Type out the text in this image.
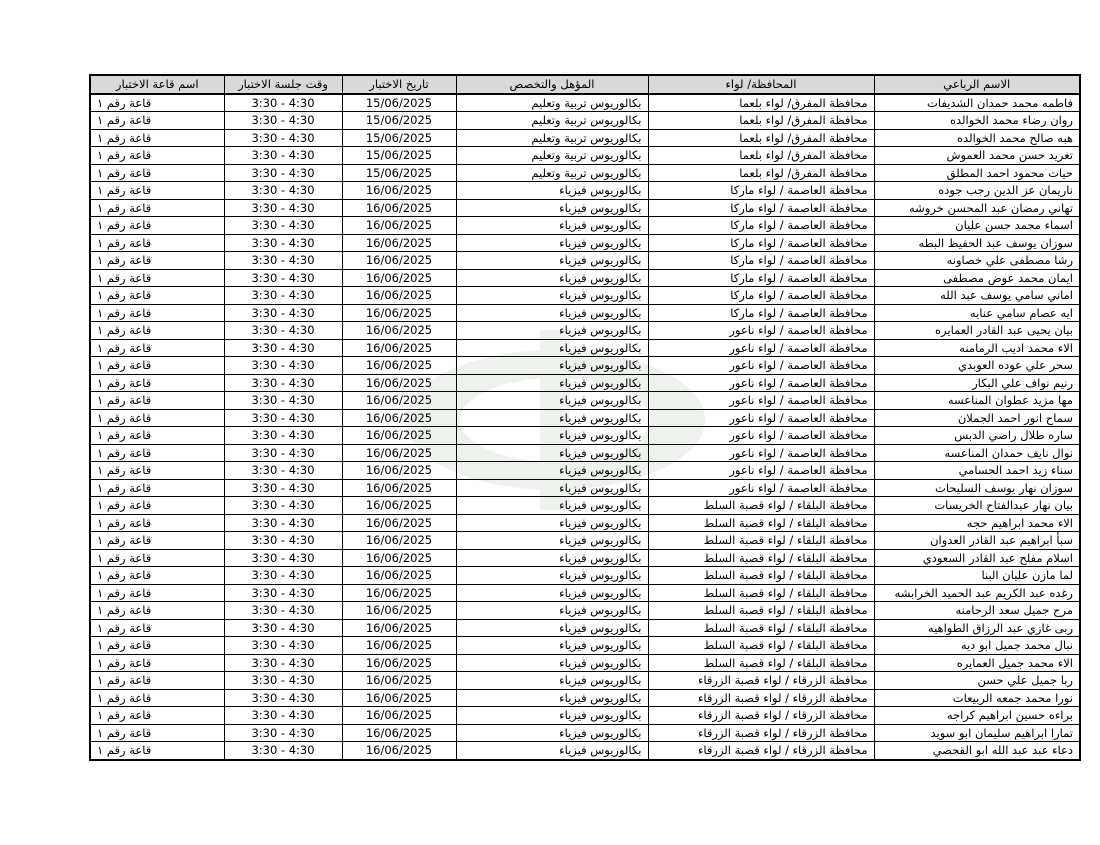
الاسم الرباعي	المحافظة/ لواء	المؤهل والتخصص	تاريخ الاختبار	وقت جلسة الاختبار	اسم قاعة الاختبار
فاطمه محمد حمدان الشديفات	محافظة المفرق/ لواء بلعما	بكالوريوس تربية وتعليم	15/06/2025	3:30 - 4:30	قاعة رقم ١
روان رضاء محمد الخوالده	محافظة المفرق/ لواء بلعما	بكالوريوس تربية وتعليم	15/06/2025	3:30 - 4:30	قاعة رقم ١
هبه صالح محمد الخوالده	محافظة المفرق/ لواء بلعما	بكالوريوس تربية وتعليم	15/06/2025	3:30 - 4:30	قاعة رقم ١
تغريد حسن محمد العموش	محافظة المفرق/ لواء بلعما	بكالوريوس تربية وتعليم	15/06/2025	3:30 - 4:30	قاعة رقم ١
حيات محمود احمد المطلق	محافظة المفرق/ لواء بلعما	بكالوريوس تربية وتعليم	15/06/2025	3:30 - 4:30	قاعة رقم ١
ناريمان عز الدين رجب جوده	محافظة العاصمة / لواء ماركا	بكالوريوس فيزياء	16/06/2025	3:30 - 4:30	قاعة رقم ١
تهاني رمضان عبد المحسن خروشه	محافظة العاصمة / لواء ماركا	بكالوريوس فيزياء	16/06/2025	3:30 - 4:30	قاعة رقم ١
اسماء محمد حسن عليان	محافظة العاصمة / لواء ماركا	بكالوريوس فيزياء	16/06/2025	3:30 - 4:30	قاعة رقم ١
سوزان يوسف عبد الحفيظ البطه	محافظة العاصمة / لواء ماركا	بكالوريوس فيزياء	16/06/2025	3:30 - 4:30	قاعة رقم ١
رشا مصطفى علي خصاونه	محافظة العاصمة / لواء ماركا	بكالوريوس فيزياء	16/06/2025	3:30 - 4:30	قاعة رقم ١
ايمان محمد عوض مصطفى	محافظة العاصمة / لواء ماركا	بكالوريوس فيزياء	16/06/2025	3:30 - 4:30	قاعة رقم ١
اماني سامي يوسف عبد الله	محافظة العاصمة / لواء ماركا	بكالوريوس فيزياء	16/06/2025	3:30 - 4:30	قاعة رقم ١
ايه عصام سامي عنايه	محافظة العاصمة / لواء ماركا	بكالوريوس فيزياء	16/06/2025	3:30 - 4:30	قاعة رقم ١
بيان يحيى عبد القادر العمايره	محافظة العاصمة / لواء ناعور	بكالوريوس فيزياء	16/06/2025	3:30 - 4:30	قاعة رقم ١
الاء محمد اديب الرمامنه	محافظة العاصمة / لواء ناعور	بكالوريوس فيزياء	16/06/2025	3:30 - 4:30	قاعة رقم ١
سحر علي عوده العوبدي	محافظة العاصمة / لواء ناعور	بكالوريوس فيزياء	16/06/2025	3:30 - 4:30	قاعة رقم ١
رنيم نواف علي البكار	محافظة العاصمة / لواء ناعور	بكالوريوس فيزياء	16/06/2025	3:30 - 4:30	قاعة رقم ١
مها مزيد عطوان المناعسه	محافظة العاصمة / لواء ناعور	بكالوريوس فيزياء	16/06/2025	3:30 - 4:30	قاعة رقم ١
سماح انور احمد الجملان	محافظة العاصمة / لواء ناعور	بكالوريوس فيزياء	16/06/2025	3:30 - 4:30	قاعة رقم ١
ساره طلال راضي الدبس	محافظة العاصمة / لواء ناعور	بكالوريوس فيزياء	16/06/2025	3:30 - 4:30	قاعة رقم ١
نوال نايف حمدان المناعسه	محافظة العاصمة / لواء ناعور	بكالوريوس فيزياء	16/06/2025	3:30 - 4:30	قاعة رقم ١
سناء زيد احمد الحسامي	محافظة العاصمة / لواء ناعور	بكالوريوس فيزياء	16/06/2025	3:30 - 4:30	قاعة رقم ١
سوزان نهار يوسف السليحات	محافظة العاصمة / لواء ناعور	بكالوريوس فيزياء	16/06/2025	3:30 - 4:30	قاعة رقم ١
بيان نهار عبدالفتاح الخريسات	محافظة البلقاء / لواء قصبة السلط	بكالوريوس فيزياء	16/06/2025	3:30 - 4:30	قاعة رقم ١
الاء محمد ابراهيم حجه	محافظة البلقاء / لواء قصبة السلط	بكالوريوس فيزياء	16/06/2025	3:30 - 4:30	قاعة رقم ١
سبأ ابراهيم عبد القادر العدوان	محافظة البلقاء / لواء قصبة السلط	بكالوريوس فيزياء	16/06/2025	3:30 - 4:30	قاعة رقم ١
اسلام مفلح عبد القادر السعودي	محافظة البلقاء / لواء قصبة السلط	بكالوريوس فيزياء	16/06/2025	3:30 - 4:30	قاعة رقم ١
لما مازن عليان البنا	محافظة البلقاء / لواء قصبة السلط	بكالوريوس فيزياء	16/06/2025	3:30 - 4:30	قاعة رقم ١
رغده عبد الكريم عبد الحميد الخرابشه	محافظة البلقاء / لواء قصبة السلط	بكالوريوس فيزياء	16/06/2025	3:30 - 4:30	قاعة رقم ١
مرح جميل سعد الرحامنه	محافظة البلقاء / لواء قصبة السلط	بكالوريوس فيزياء	16/06/2025	3:30 - 4:30	قاعة رقم ١
ربى غازي عبد الرزاق الطواهيه	محافظة البلقاء / لواء قصبة السلط	بكالوريوس فيزياء	16/06/2025	3:30 - 4:30	قاعة رقم ١
نبال محمد جميل ابو ديه	محافظة البلقاء / لواء قصبة السلط	بكالوريوس فيزياء	16/06/2025	3:30 - 4:30	قاعة رقم ١
الاء محمد جميل العمايره	محافظة البلقاء / لواء قصبة السلط	بكالوريوس فيزياء	16/06/2025	3:30 - 4:30	قاعة رقم ١
ربا جميل علي حسن	محافظة الزرقاء / لواء قصبة الزرقاء	بكالوريوس فيزياء	16/06/2025	3:30 - 4:30	قاعة رقم ١
نورا محمد جمعه الربيعات	محافظة الزرقاء / لواء قصبة الزرقاء	بكالوريوس فيزياء	16/06/2025	3:30 - 4:30	قاعة رقم ١
براءه حسين ابراهيم كراجه	محافظة الزرقاء / لواء قصبة الزرقاء	بكالوريوس فيزياء	16/06/2025	3:30 - 4:30	قاعة رقم ١
تمارا ابراهيم سليمان ابو سويد	محافظة الزرقاء / لواء قصبة الزرقاء	بكالوريوس فيزياء	16/06/2025	3:30 - 4:30	قاعة رقم ١
دعاء عبد عبد الله ابو القحصي	محافظة الزرقاء / لواء قصبة الزرقاء	بكالوريوس فيزياء	16/06/2025	3:30 - 4:30	قاعة رقم ١
